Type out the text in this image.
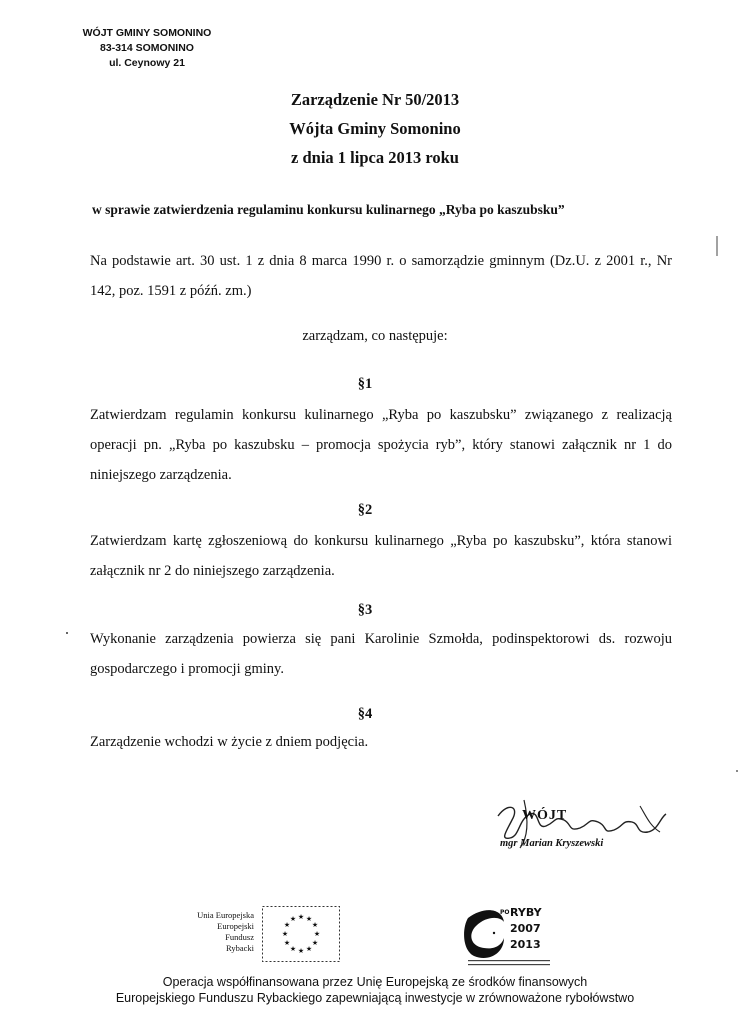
WÓJT GMINY SOMONINO
83-314 SOMONINO
ul. Ceynowy 21
Zarządzenie Nr 50/2013
Wójta Gminy Somonino
z dnia 1 lipca 2013 roku
w sprawie zatwierdzenia regulaminu konkursu kulinarnego „Ryba po kaszubsku”
Na podstawie art. 30 ust. 1 z dnia 8 marca 1990 r. o samorządzie gminnym (Dz.U. z 2001 r., Nr 142, poz. 1591 z późń. zm.)
zarządzam, co następuje:
§1
Zatwierdzam regulamin konkursu kulinarnego „Ryba po kaszubsku” związanego z realizacją operacji pn. „Ryba po kaszubsku – promocja spożycia ryb”, który stanowi załącznik nr 1 do niniejszego zarządzenia.
§2
Zatwierdzam kartę zgłoszeniową do konkursu kulinarnego „Ryba po kaszubsku”, która stanowi załącznik nr 2 do niniejszego zarządzenia.
§3
Wykonanie zarządzenia powierza się pani Karolinie Szmołda, podinspektorowi ds. rozwoju gospodarczego i promocji gminy.
§4
Zarządzenie wchodzi w życie z dniem podjęcia.
WÓJT
mgr Marian Kryszewski
Unia Europejska
Europejski
Fundusz
Rybacki
★ ★
★
★
★
★
★
★
★
★
★
★
PO RYBY
2007
2013
Operacja współfinansowana przez Unię Europejską ze środków finansowych
Europejskiego Funduszu Rybackiego zapewniającą inwestycje w zrównoważone rybołówstwo
